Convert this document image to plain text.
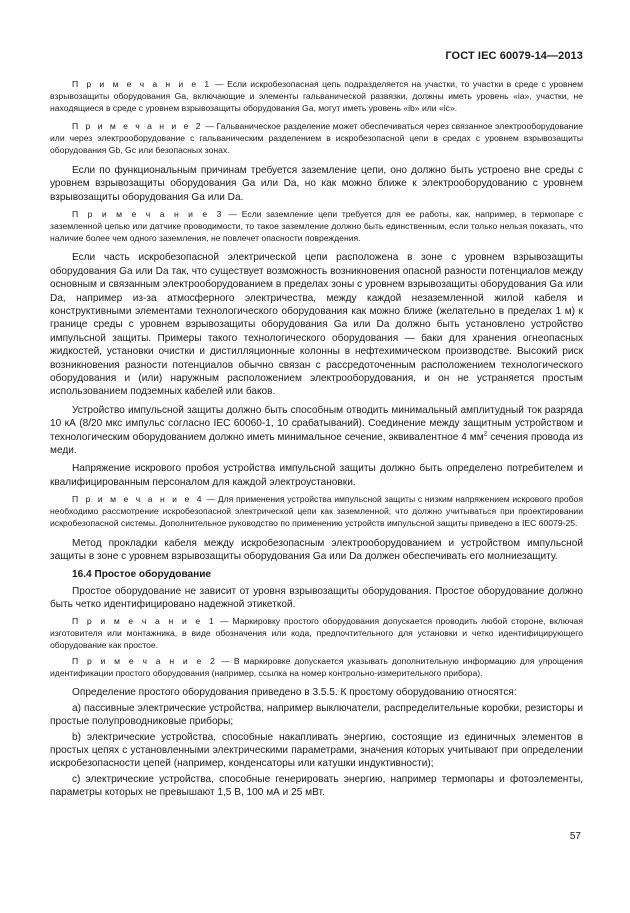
ГОСТ IEC 60079-14—2013

П р и м е ч а н и е 1 — Если искробезопасная цепь подразделяется на участки, то участки в среде с уровнем взрывозащиты оборудования Ga, включающие и элементы гальванической развязки, должны иметь уровень «ia», участки, не находящиеся в среде с уровнем взрывозащиты оборудования Ga, могут иметь уровень «ib» или «ic».

П р и м е ч а н и е 2 — Гальваническое разделение может обеспечиваться через связанное электрооборудование или через электрооборудование с гальваническим разделением в искробезопасной цепи в средах с уровнем взрывозащиты оборудования Gb, Gc или безопасных зонах.

Если по функциональным причинам требуется заземление цепи, оно должно быть устроено вне среды с уровнем взрывозащиты оборудования Ga или Da, но как можно ближе к электрооборудованию с уровнем взрывозащиты оборудования Ga или Da.

П р и м е ч а н и е 3 — Если заземление цепи требуется для ее работы, как, например, в термопаре с заземленной цепью или датчике проводимости, то такое заземление должно быть единственным, если только нельзя показать, что наличие более чем одного заземления, не повлечет опасности повреждения.

Если часть искробезопасной электрической цепи расположена в зоне с уровнем взрывозащиты оборудования Ga или Da так, что существует возможность возникновения опасной разности потенциалов между основным и связанным электрооборудованием в пределах зоны с уровнем взрывозащиты оборудования Ga или Da, например из-за атмосферного электричества, между каждой незаземленной жилой кабеля и конструктивными элементами технологического оборудования как можно ближе (желательно в пределах 1 м) к границе среды с уровнем взрывозащиты оборудования Ga или Da должно быть установлено устройство импульсной защиты. Примеры такого технологического оборудования — баки для хранения огнеопасных жидкостей, установки очистки и дистилляционные колонны в нефтехимическом производстве. Высокий риск возникновения разности потенциалов обычно связан с рассредоточенным расположением технологического оборудования и (или) наружным расположением электрооборудования, и он не устраняется простым использованием подземных кабелей или баков.

Устройство импульсной защиты должно быть способным отводить минимальный амплитудный ток разряда 10 кА (8/20 мкс импульс согласно IEC 60060-1, 10 срабатываний). Соединение между защитным устройством и технологическим оборудованием должно иметь минимальное сечение, эквивалентное 4 $мм^2$ сечения провода из меди.

Напряжение искрового пробоя устройства импульсной защиты должно быть определено потребителем и квалифицированным персоналом для каждой электроустановки.

П р и м е ч а н и е 4 — Для применения устройства импульсной защиты с низким напряжением искрового пробоя необходимо рассмотрение искробезопасной электрической цепи как заземленной, что должно учитываться при проектировании искробезопасной системы. Дополнительное руководство по применению устройств импульсной защиты приведено в IEC 60079-25.

Метод прокладки кабеля между искробезопасным электрооборудованием и устройством импульсной защиты в зоне с уровнем взрывозащиты оборудования Ga или Da должен обеспечивать его молниезащиту.

16.4 Простое оборудование

Простое оборудование не зависит от уровня взрывозащиты оборудования. Простое оборудование должно быть четко идентифицировано надежной этикеткой.

П р и м е ч а н и е 1 — Маркировку простого оборудования допускается проводить любой стороне, включая изготовителя или монтажника, в виде обозначения или кода, предпочтительного для установки и четко идентифицирующего оборудование как простое.

П р и м е ч а н и е 2 — В маркировке допускается указывать дополнительную информацию для упрощения идентификации простого оборудования (например, ссылка на номер контрольно-измерительного прибора).

Определение простого оборудования приведено в 3.5.5. К простому оборудованию относятся:

a) пассивные электрические устройства, например выключатели, распределительные коробки, резисторы и простые полупроводниковые приборы;

b) электрические устройства, способные накапливать энергию, состоящие из единичных элементов в простых цепях с установленными электрическими параметрами, значения которых учитывают при определении искробезопасности цепей (например, конденсаторы или катушки индуктивности);

c) электрические устройства, способные генерировать энергию, например термопары и фотоэлементы, параметры которых не превышают 1,5 В, 100 мА и 25 мВт.

57
